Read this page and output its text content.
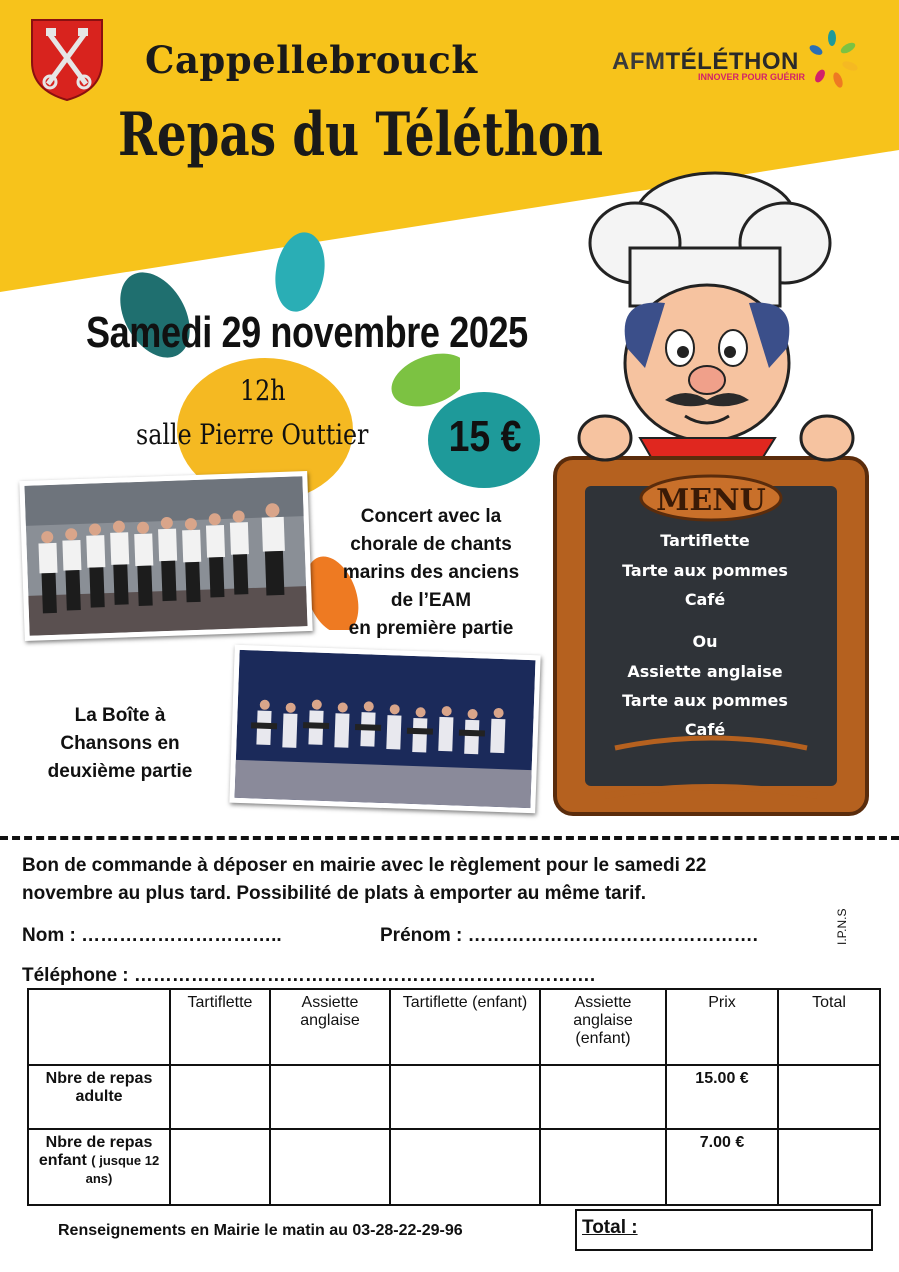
Cappellebrouck
Repas du Téléthon
AFMTÉLÉTHON
INNOVER POUR GUÉRIR
Samedi 29 novembre 2025
12h
salle Pierre Outtier 15 €
Concert avec la
chorale de chants
marins des anciens
de l’EAM
en première partie
La Boîte à
Chansons en
deuxième partie
MENU
Tartiflette
Tarte aux pommes
Café
Ou
Assiette anglaise
Tarte aux pommes
Café
Bon de commande à déposer en mairie avec le règlement pour le samedi 22
novembre au plus tard. Possibilité de plats à emporter au même tarif.
Nom : …………………………..	Prénom : ……………………………………….
Téléphone : ……………………………………………………………….
I.P.N.S
	Tartiflette	Assiette anglaise	Tartiflette (enfant)	Assiette anglaise (enfant)	Prix	Total
Nbre de repas adulte					15.00 €	
Nbre de repas enfant ( jusque 12 ans)					7.00 €	
Renseignements en Mairie le matin au 03-28-22-29-96	Total :
